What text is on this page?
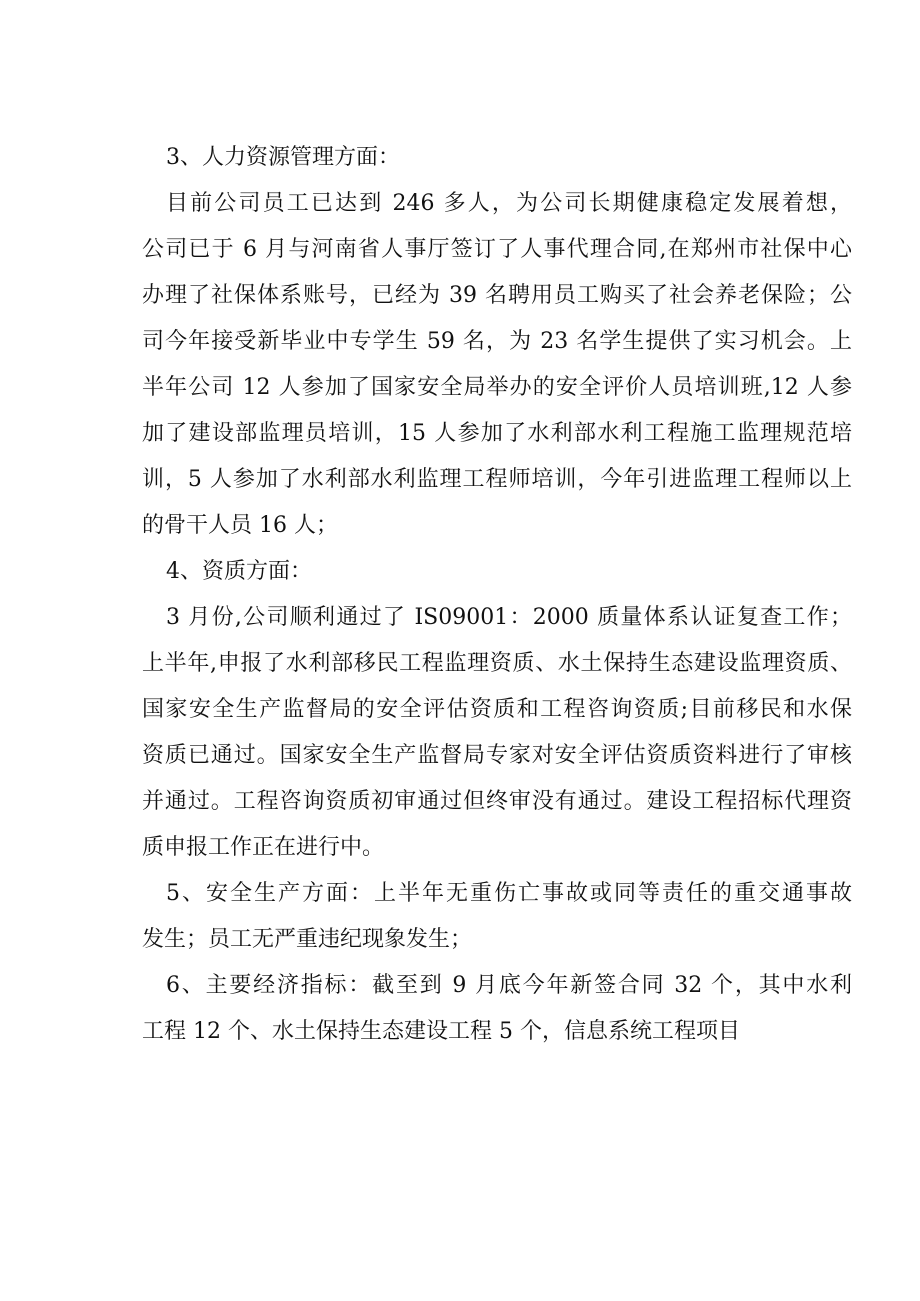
3、人力资源管理方面：
目前公司员工已达到 246 多人，为公司长期健康稳定发展着想，
公司已于 6 月与河南省人事厅签订了人事代理合同,在郑州市社保中心
办理了社保体系账号，已经为 39 名聘用员工购买了社会养老保险；公
司今年接受新毕业中专学生 59 名，为 23 名学生提供了实习机会。上
半年公司 12 人参加了国家安全局举办的安全评价人员培训班,12 人参
加了建设部监理员培训，15 人参加了水利部水利工程施工监理规范培
训，5 人参加了水利部水利监理工程师培训，今年引进监理工程师以上
的骨干人员 16 人；
4、资质方面：
3 月份,公司顺利通过了 IS09001：2000 质量体系认证复查工作；
上半年,申报了水利部移民工程监理资质、水土保持生态建设监理资质、
国家安全生产监督局的安全评估资质和工程咨询资质;目前移民和水保
资质已通过。国家安全生产监督局专家对安全评估资质资料进行了审核
并通过。工程咨询资质初审通过但终审没有通过。建设工程招标代理资
质申报工作正在进行中。
5、安全生产方面：上半年无重伤亡事故或同等责任的重交通事故
发生；员工无严重违纪现象发生；
6、主要经济指标：截至到 9 月底今年新签合同 32 个，其中水利
工程 12 个、水土保持生态建设工程 5 个，信息系统工程项目
